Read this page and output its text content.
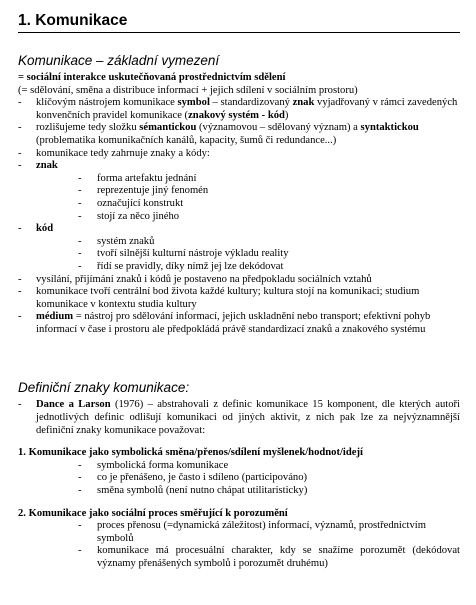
1. Komunikace
Komunikace – základní vymezení

= sociální interakce uskutečňovaná prostřednictvím sdělení

(= sdělování, směna a distribuce informací + jejich sdílení v sociálním prostoru)

- klíčovým nástrojem komunikace symbol – standardizovaný znak vyjadřovaný v rámci zavedených konvenčních pravidel komunikace (znakový systém - kód)
- rozlišujeme tedy složku sémantickou (významovou – sdělovaný význam) a syntaktickou (problematika komunikačních kanálů, kapacity, šumů či redundance...)
- komunikace tedy zahrnuje znaky a kódy:
- znak
- forma artefaktu jednání
- reprezentuje jiný fenomén
- označující konstrukt
- stojí za něco jiného
- kód
- systém znaků
- tvoří silnější kulturní nástroje výkladu reality
- řídí se pravidly, díky nímž jej lze dekódovat
- vysílání, přijímání znaků i kódů je postaveno na předpokladu sociálních vztahů
- komunikace tvoří centrální bod života každé kultury; kultura stojí na komunikaci; studium komunikace v kontextu studia kultury
- médium = nástroj pro sdělování informací, jejich uskladnění nebo transport; efektivní pohyb informací v čase i prostoru ale předpokládá právě standardizací znaků a znakového systému
Definiční znaky komunikace:
- Dance a Larson (1976) – abstrahovali z definic komunikace 15 komponent, dle kterých autoři jednotlivých definic odlišují komunikaci od jiných aktivit, z nich pak lze za nejvýznamnější definiční znaky komunikace považovat:

1. Komunikace jako symbolická směna/přenos/sdílení myšlenek/hodnot/idejí

- symbolická forma komunikace
- co je přenášeno, je často i sdíleno (participováno)
- směna symbolů (není nutno chápat utilitaristicky)

2. Komunikace jako sociální proces směřující k porozumění

- proces přenosu (=dynamická záležitost) informací, významů, prostřednictvím symbolů
- komunikace má procesuální charakter, kdy se snažíme porozumět (dekódovat významy přenášených symbolů i porozumět druhému)
